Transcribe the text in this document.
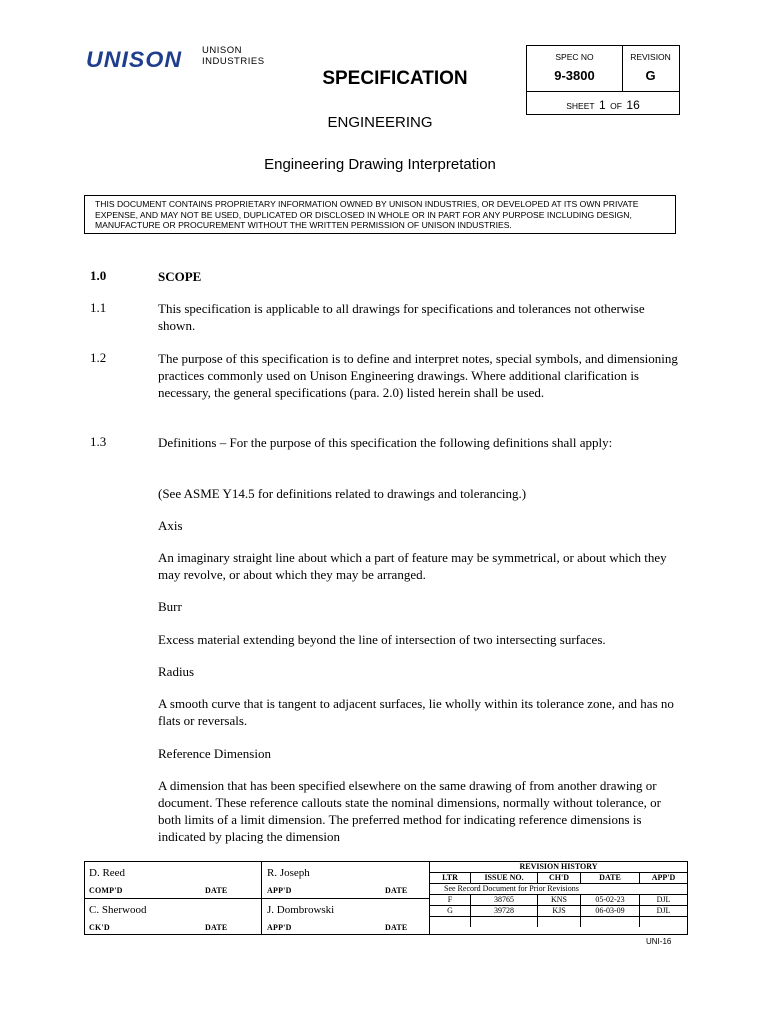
UNISON UNISON
INDUSTRIES
SPECIFICATION
SPEC NO
9-3800
REVISION
G
SHEET 1 OF 16
ENGINEERING
Engineering Drawing Interpretation
THIS DOCUMENT CONTAINS PROPRIETARY INFORMATION OWNED BY UNISON INDUSTRIES, OR DEVELOPED AT ITS OWN PRIVATE EXPENSE, AND MAY NOT BE USED, DUPLICATED OR DISCLOSED IN WHOLE OR IN PART FOR ANY PURPOSE INCLUDING DESIGN, MANUFACTURE OR PROCUREMENT WITHOUT THE WRITTEN PERMISSION OF UNISON INDUSTRIES.
1.0	SCOPE
1.1	This specification is applicable to all drawings for specifications and tolerances not otherwise shown.
1.2	The purpose of this specification is to define and interpret notes, special symbols, and dimensioning practices commonly used on Unison Engineering drawings. Where additional clarification is necessary, the general specifications (para. 2.0) listed herein shall be used.
1.3	Definitions – For the purpose of this specification the following definitions shall apply:
(See ASME Y14.5 for definitions related to drawings and tolerancing.)
Axis
An imaginary straight line about which a part of feature may be symmetrical, or about which they may revolve, or about which they may be arranged.
Burr
Excess material extending beyond the line of intersection of two intersecting surfaces.
Radius
A smooth curve that is tangent to adjacent surfaces, lie wholly within its tolerance zone, and has no flats or reversals.
Reference Dimension
A dimension that has been specified elsewhere on the same drawing of from another drawing or document. These reference callouts state the nominal dimensions, normally without tolerance, or both limits of a limit dimension. The preferred method for indicating reference dimensions is indicated by placing the dimension
D. Reed
COMP'D	DATE
R. Joseph
APP'D	DATE
C. Sherwood
CK'D	DATE
J. Dombrowski
APP'D	DATE
REVISION HISTORY				
LTR	ISSUE NO.	CH'D	DATE	APP'D
See Record Document for Prior Revisions				
F	38765	KNS	05-02-23	DJL
G	39728	KJS	06-03-09	DJL

UNI-16
